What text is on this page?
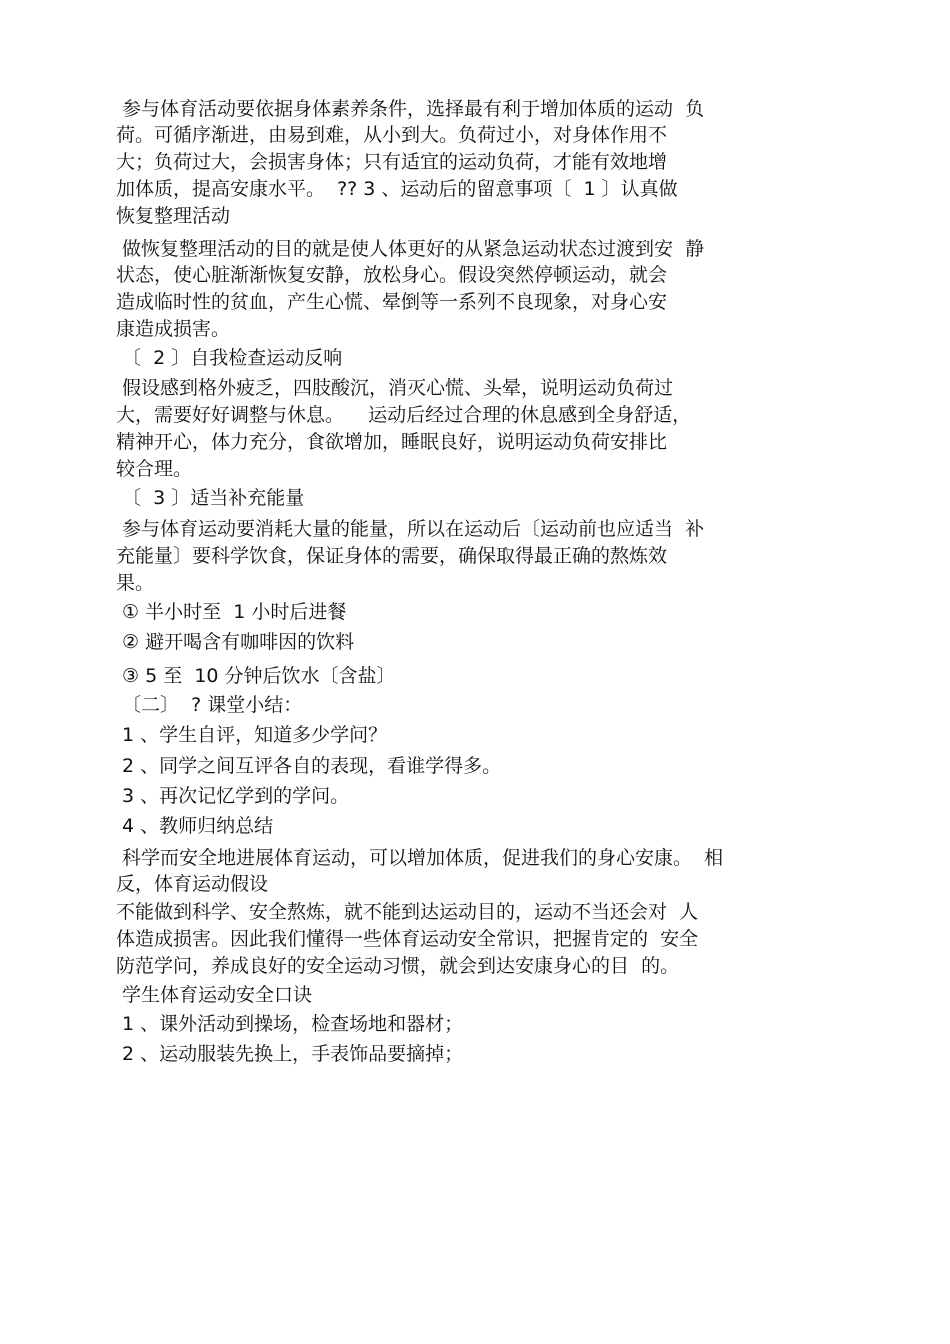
参与体育活动要依据身体素养条件，选择最有利于增加体质的运动  负

荷。可循序渐进，由易到难，从小到大。负荷过小，对身体作用不

大；负荷过大，会损害身体；只有适宜的运动负荷，才能有效地增

加体质，提高安康水平。  ?? 3 、运动后的留意事项〔  1 〕认真做

恢复整理活动

做恢复整理活动的目的就是使人体更好的从紧急运动状态过渡到安  静

状态，使心脏渐渐恢复安静，放松身心。假设突然停顿运动，就会

造成临时性的贫血，产生心慌、晕倒等一系列不良现象，对身心安

康造成损害。

〔  2 〕自我检查运动反响

假设感到格外疲乏，四肢酸沉，消灭心慌、头晕，说明运动负荷过

大，需要好好调整与休息。    运动后经过合理的休息感到全身舒适，

精神开心，体力充分，食欲增加，睡眠良好，说明运动负荷安排比

较合理。

〔  3 〕适当补充能量

参与体育运动要消耗大量的能量，所以在运动后〔运动前也应适当  补

充能量〕要科学饮食，保证身体的需要，确保取得最正确的熬炼效

果。

① 半小时至  1 小时后进餐

② 避开喝含有咖啡因的饮料

③ 5 至  10 分钟后饮水〔含盐〕

〔二〕  ? 课堂小结：

1 、学生自评，知道多少学问？

2 、同学之间互评各自的表现，看谁学得多。

3 、再次记忆学到的学问。

4 、教师归纳总结

科学而安全地进展体育运动，可以增加体质，促进我们的身心安康。  相

反，体育运动假设

不能做到科学、安全熬炼，就不能到达运动目的，运动不当还会对  人

体造成损害。因此我们懂得一些体育运动安全常识，把握肯定的  安全

防范学问，养成良好的安全运动习惯，就会到达安康身心的目  的。

学生体育运动安全口诀

1 、课外活动到操场，检查场地和器材；

2 、运动服装先换上，手表饰品要摘掉；
